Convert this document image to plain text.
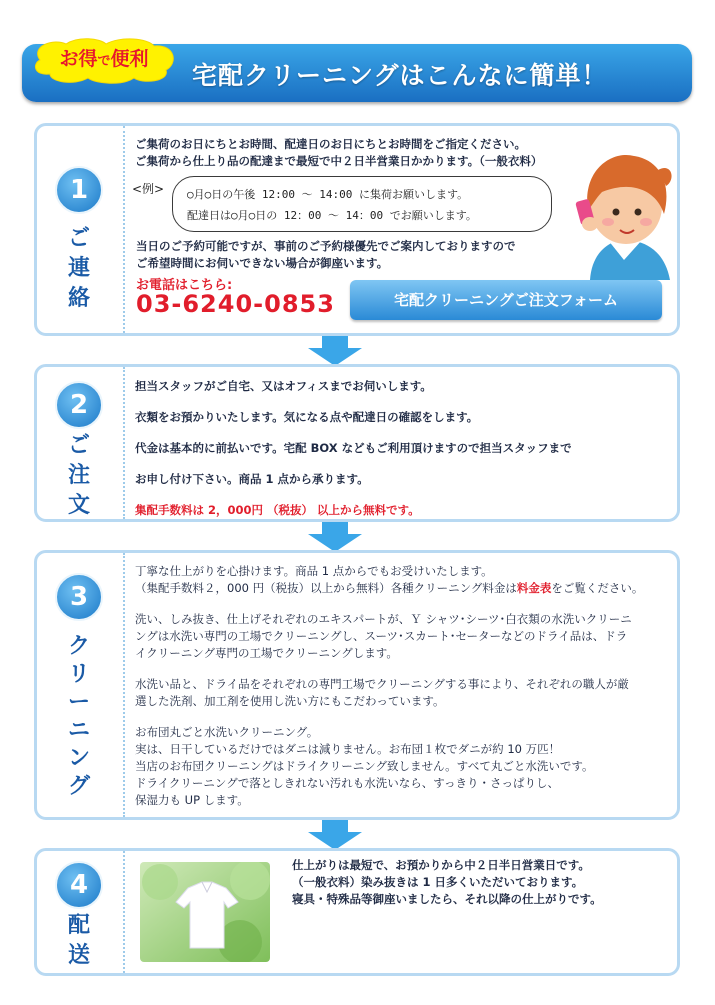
宅配クリーニングはこんなに簡単！
お得で便利
1
ご連絡

ご集荷のお日にちとお時間、配達日のお日にちとお時間をご指定ください。

ご集荷から仕上り品の配達まで最短で中２日半営業日かかります。（一般衣料）

<例> ○月○日の午後 12:00 〜 14:00 に集荷お願いします。

配達日は○月○日の 12：00 〜 14：00 でお願いします。

当日のご予約可能ですが、事前のご予約様優先でご案内しておりますので
ご希望時間にお伺いできない場合が御座います。
お電話はこちら:
03-6240-0853	宅配クリーニングご注文フォーム
2
ご注文

担当スタッフがご自宅、又はオフィスまでお伺いします。

衣類をお預かりいたします。気になる点や配達日の確認をします。

代金は基本的に前払いです。宅配 BOX などもご利用頂けますので担当スタッフまで

お申し付け下さい。商品 1 点から承ります。

集配手数料は 2，000円 （税抜） 以上から無料です。

3
クリーニング

丁寧な仕上がりを心掛けます。商品 1 点からでもお受けいたします。

（集配手数料２，000 円（税抜）以上から無料）各種クリーニング料金は料金表をご覧ください。

洗い、しみ抜き、仕上げそれぞれのエキスパートが、Ｙ シャツ･シーツ･白衣類の水洗いクリーニ

ングは水洗い専門の工場でクリーニングし、スーツ･スカート･セーターなどのドライ品は、ドラ

イクリーニング専門の工場でクリーニングします。

水洗い品と、ドライ品をそれぞれの専門工場でクリーニングする事により、それぞれの職人が厳

選した洗剤、加工剤を使用し洗い方にもこだわっています。

お布団丸ごと水洗いクリーニング。

実は、日干しているだけではダニは減りません。お布団１枚でダニが約 10 万匹！

当店のお布団クリーニングはドライクリーニング致しません。すべて丸ごと水洗いです。

ドライクリーニングで落としきれない汚れも水洗いなら、すっきり・さっぱりし、

保湿力も UP します。

4
配送

仕上がりは最短で、お預かりから中２日半日営業日です。

（一般衣料）染み抜きは 1 日多くいただいております。

寝具・特殊品等御座いましたら、それ以降の仕上がりです。
